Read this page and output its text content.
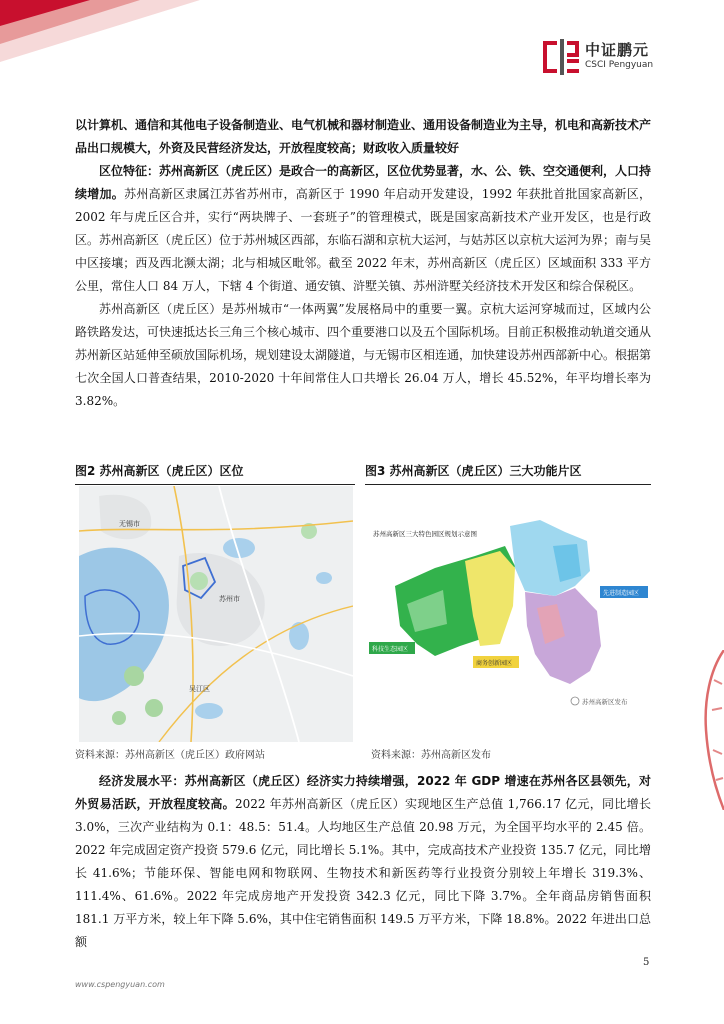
中证鹏元
CSCI Pengyuan

以计算机、通信和其他电子设备制造业、电气机械和器材制造业、通用设备制造业为主导，机电和高新技术产品出口规模大，外资及民营经济发达，开放程度较高；财政收入质量较好

区位特征：苏州高新区（虎丘区）是政合一的高新区，区位优势显著，水、公、铁、空交通便利，人口持续增加。苏州高新区隶属江苏省苏州市，高新区于 1990 年启动开发建设，1992 年获批首批国家高新区，2002 年与虎丘区合并，实行“两块牌子、一套班子”的管理模式，既是国家高新技术产业开发区，也是行政区。苏州高新区（虎丘区）位于苏州城区西部，东临石湖和京杭大运河，与姑苏区以京杭大运河为界；南与吴中区接壤；西及西北濒太湖；北与相城区毗邻。截至 2022 年末，苏州高新区（虎丘区）区域面积 333 平方公里，常住人口 84 万人，下辖 4 个街道、通安镇、浒墅关镇、苏州浒墅关经济技术开发区和综合保税区。

苏州高新区（虎丘区）是苏州城市“一体两翼”发展格局中的重要一翼。京杭大运河穿城而过，区域内公路铁路发达，可快速抵达长三角三个核心城市、四个重要港口以及五个国际机场。目前正积极推动轨道交通从苏州新区站延伸至硕放国际机场，规划建设太湖隧道，与无锡市区相连通，加快建设苏州西部新中心。根据第七次全国人口普查结果，2010-2020 十年间常住人口共增长 26.04 万人，增长 45.52%，年平均增长率为 3.82%。

图2 苏州高新区（虎丘区）区位
无锡市
苏州市
吴江区
资料来源：苏州高新区（虎丘区）政府网站
图3 苏州高新区（虎丘区）三大功能片区
苏州高新区三大特色园区规划示意图
先进制造园区
科技生态园区
商务创新园区
苏州高新区发布
资料来源：苏州高新区发布

经济发展水平：苏州高新区（虎丘区）经济实力持续增强，2022 年 GDP 增速在苏州各区县领先，对外贸易活跃，开放程度较高。2022 年苏州高新区（虎丘区）实现地区生产总值 1,766.17 亿元，同比增长 3.0%，三次产业结构为 0.1：48.5：51.4。人均地区生产总值 20.98 万元，为全国平均水平的 2.45 倍。2022 年完成固定资产投资 579.6 亿元，同比增长 5.1%。其中，完成高技术产业投资 135.7 亿元，同比增长 41.6%；节能环保、智能电网和物联网、生物技术和新医药等行业投资分别较上年增长 319.3%、111.4%、61.6%。2022 年完成房地产开发投资 342.3 亿元，同比下降 3.7%。全年商品房销售面积 181.1 万平方米，较上年下降 5.6%，其中住宅销售面积 149.5 万平方米，下降 18.8%。2022 年进出口总额

5
www.cspengyuan.com
